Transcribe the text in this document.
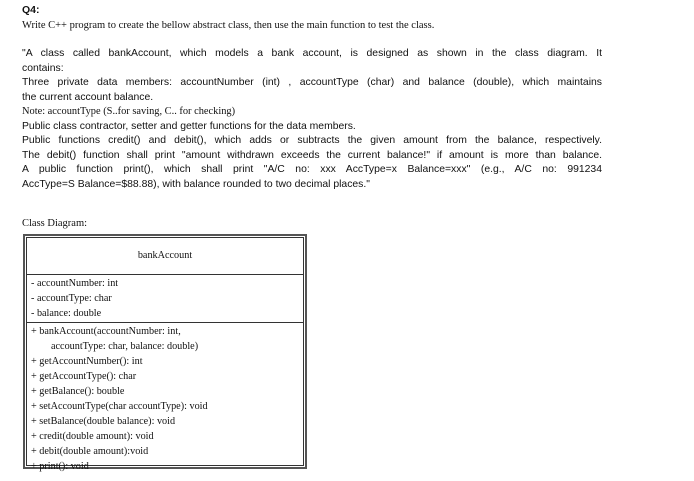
Q4:
Write C++ program to create the bellow abstract class, then use the main function to test the class.
"A class called bankAccount, which models a bank account, is designed as shown in the class diagram. It
contains:
Three private data members: accountNumber (int) , accountType (char) and balance (double), which maintains
the current account balance.
Note: accountType (S..for saving, C.. for checking)
Public class contractor, setter and getter functions for the data members.
Public functions credit() and debit(), which adds or subtracts the given amount from the balance, respectively.
The debit() function shall print "amount withdrawn exceeds the current balance!" if amount is more than balance.
A public function print(), which shall print "A/C no: xxx AccType=x Balance=xxx" (e.g., A/C no: 991234
AccType=S Balance=$88.88), with balance rounded to two decimal places."
Class Diagram:
bankAccount
- accountNumber: int
- accountType: char
- balance: double
+ bankAccount(accountNumber: int,
accountType: char, balance: double)
+ getAccountNumber(): int
+ getAccountType(): char
+ getBalance(): bouble
+ setAccountType(char accountType): void
+ setBalance(double balance): void
+ credit(double amount): void
+ debit(double amount):void
+ print(): void
